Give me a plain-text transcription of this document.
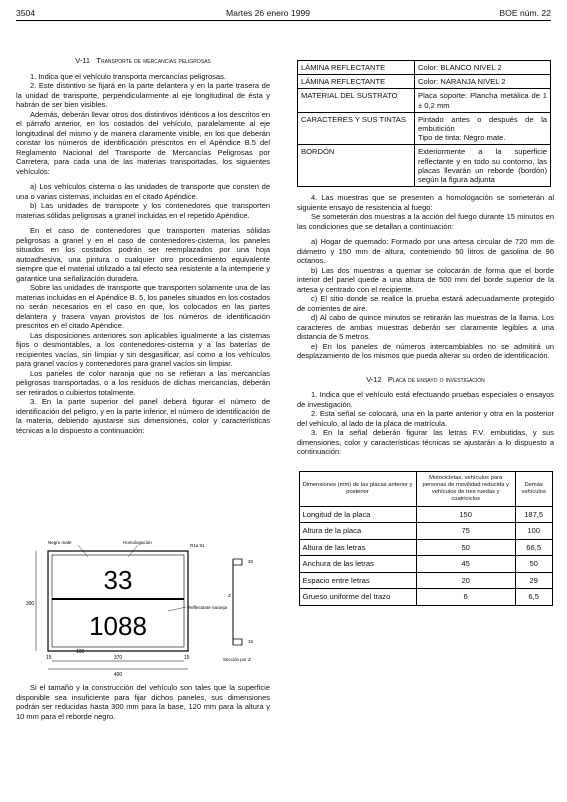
3504	Martes 26 enero 1999	BOE núm. 22

V-11 Transporte de mercancías peligrosas

1. Indica que el vehículo transporta mercancías peligrosas.

2. Este distintivo se fijará en la parte delantera y en la parte trasera de la unidad de transporte, perpendicularmente al eje longitudinal de ésta y habrán de ser bien visibles.

Además, deberán llevar otros dos distintivos idénticos a los descritos en el párrafo anterior, en los costados del vehículo, paralelamente al eje longitudinal del mismo y de manera claramente visible, en los que deberán constar los números de identificación prescritos en el Apéndice B.5 del Reglamento Nacional del Transporte de Mercancías Peligrosas por Carretera, para cada una de las materias transportadas, los siguientes vehículos:

a) Los vehículos cisterna o las unidades de transporte que consten de una o varias cisternas, incluidas en el citado Apéndice.

b) Las unidades de transporte y los contenedores que transporten materias sólidas peligrosas a granel incluidas en el repetido Apéndice.

En el caso de contenedores que transporten materias sólidas peligrosas a granel y en el caso de contenedores-cisterna, los paneles situados en los costados podrán ser reemplazados por una hoja autoadhesiva, una pintura o cualquier otro procedimiento equivalente siempre que el material utilizado a tal efecto sea resistente a la intemperie y garantice una señalización duradera.

Sobre las unidades de transporte que transporten solamente una de las materias incluidas en el Apéndice B. 5, los paneles situados en los costados no serán necesarios en el caso en que, los colocados en las partes delantera y trasera vayan provistos de los números de identificación prescritos en el citado Apéndice.

Las disposiciones anteriores son aplicables igualmente a las cisternas fijos o desmontables, a los contenedores-cisterna y a las baterías de recipientes vacías, sin limpiar y sin desgasificar, así como a los vehículos para granel vacíos y contenedores para granel vacíos sin limpiar.

Los paneles de color naranja que no se refieran a las mercancías peligrosas transportadas, o a los residuos de dichas mercancías, deberán ser retirados o cubiertos totalmente.

3. En la parte superior del panel deberá figurar el número de identificación del peligro, y en la parte inferior, el número de identificación de la materia, debiendo ajustarse sus dimensiones, color y características técnicas a lo dispuesto a continuación:

33
1088
Negro mate	Homologación
R1a 91
Reflectante naranja
300
400
370
100
15	15
30
15
Z
Sección por Z

Si el tamaño y la construcción del vehículo son tales que la superficie disponible sea insuficiente para fijar dichos paneles, sus dimensiones podrán ser reducidas hasta 300 mm para la base, 120 mm para la altura y 10 mm para el reborde negro.

LÁMINA REFLECTANTE	Color: BLANCO NIVEL 2
LÁMINA REFLECTANTE	Color: NARANJA NIVEL 2
MATERIAL DEL SUSTRATO	Placa soporte: Plancha metálica de 1 ± 0,2 mm
CARACTERES Y SUS TINTAS	Pintado antes o después de la embutición
Tipo de tinta: Negro mate.
BORDÓN	Exteriormente a la superficie reflectante y en todo su contorno, las placas llevarán un reborde (bordón) según la figura adjunta

4. Las muestras que se presenten a homologación se someterán al siguiente ensayo de resistencia al fuego:

Se someterán dos muestras a la acción del fuego durante 15 minutos en las condiciones que se detallan a continuación:

a) Hogar de quemado: Formado por una artesa circular de 720 mm de diámetro y 150 mm de altura, conteniendo 50 litros de gasolina de 96 octanos.

b) Las dos muestras a quemar se colocarán de forma que el borde interior del panel quede a una altura de 500 mm del borde superior de la artesa y centrado con el recipiente.

c) El sitio donde se realice la prueba estará adecuadamente protegido de corrientes de aire.

d) Al cabo de quince minutos se retirarán las muestras de la llama. Los caracteres de ambas muestras deberán ser claramente legibles a una distancia de 5 metros.

e) En los paneles de números intercambiables no se admitirá un desplazamiento de los mismos que pueda alterar su orden de identificación.

V-12 Placa de ensayo o investigación

1. Indica que el vehículo está efectuando pruebas especiales o ensayos de investigación.

2. Esta señal se colocará, una en la parte anterior y otra en la posterior del vehículo, al lado de la placa de matrícula.

3. En la señal deberán figurar las letras F.V. embutidas, y sus dimensiones, color y características técnicas se ajustarán a lo dispuesto a continuación:

Dimensiones (mm) de las placas anterior y posterior	Motocicletas, vehículos para personas de movilidad reducida y vehículos de tres ruedas y cuatriciclos	Demás vehículos
Longitud de la placa	150	187,5
Altura de la placa	75	100
Altura de las letras	50	66,5
Anchura de las letras	45	50
Espacio entre letras	20	29
Grueso uniforme del trazo	6	6,5
